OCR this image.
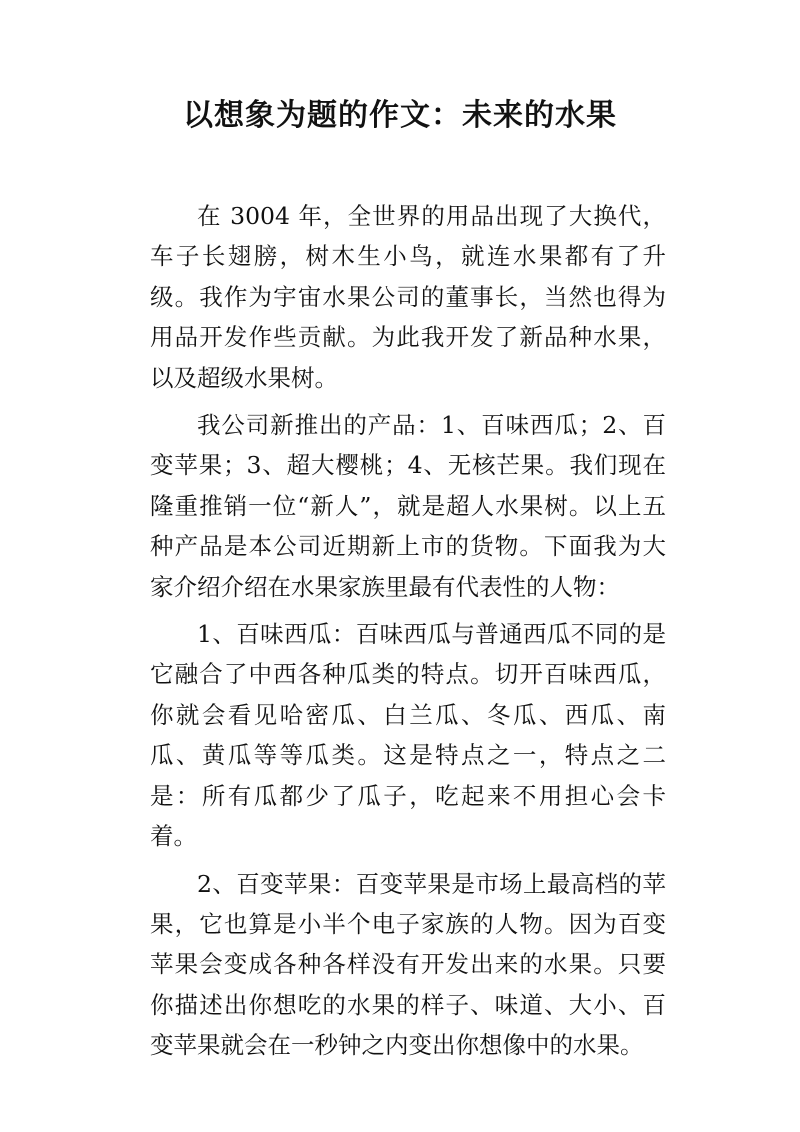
以想象为题的作文：未来的水果

在 3004 年，全世界的用品出现了大换代，车子长翅膀，树木生小鸟，就连水果都有了升级。我作为宇宙水果公司的董事长，当然也得为用品开发作些贡献。为此我开发了新品种水果，以及超级水果树。

我公司新推出的产品：1、百味西瓜；2、百变苹果；3、超大樱桃；4、无核芒果。我们现在隆重推销一位“新人”，就是超人水果树。以上五种产品是本公司近期新上市的货物。下面我为大家介绍介绍在水果家族里最有代表性的人物：

1、百味西瓜：百味西瓜与普通西瓜不同的是它融合了中西各种瓜类的特点。切开百味西瓜，你就会看见哈密瓜、白兰瓜、冬瓜、西瓜、南瓜、黄瓜等等瓜类。这是特点之一，特点之二是：所有瓜都少了瓜子，吃起来不用担心会卡着。

2、百变苹果：百变苹果是市场上最高档的苹果，它也算是小半个电子家族的人物。因为百变苹果会变成各种各样没有开发出来的水果。只要你描述出你想吃的水果的样子、味道、大小、百变苹果就会在一秒钟之内变出你想像中的水果。
